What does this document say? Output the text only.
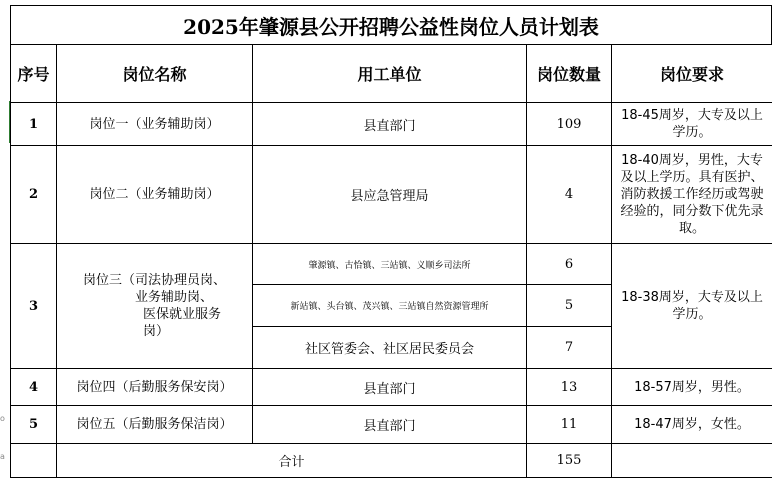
o
a
2025年肇源县公开招聘公益性岗位人员计划表
序号	岗位名称	用工单位	岗位数量	岗位要求
1	岗位一（业务辅助岗）	县直部门	109	18-45周岁，大专及以上学历。
2	岗位二（业务辅助岗）	县应急管理局	4	18-40周岁，男性，大专及以上学历。具有医护、消防救援工作经历或驾驶经验的，同分数下优先录取。
3	岗位三（司法协理员岗、
业务辅助岗、
医保就业服务
岗）	肇源镇、古恰镇、三站镇、义顺乡司法所	6	18-38周岁，大专及以上学历。
		新站镇、头台镇、茂兴镇、三站镇自然资源管理所	5	
		社区管委会、社区居民委员会	7	
4	岗位四（后勤服务保安岗）	县直部门	13	18-57周岁，男性。
5	岗位五（后勤服务保洁岗）	县直部门	11	18-47周岁，女性。
	合计		155	
